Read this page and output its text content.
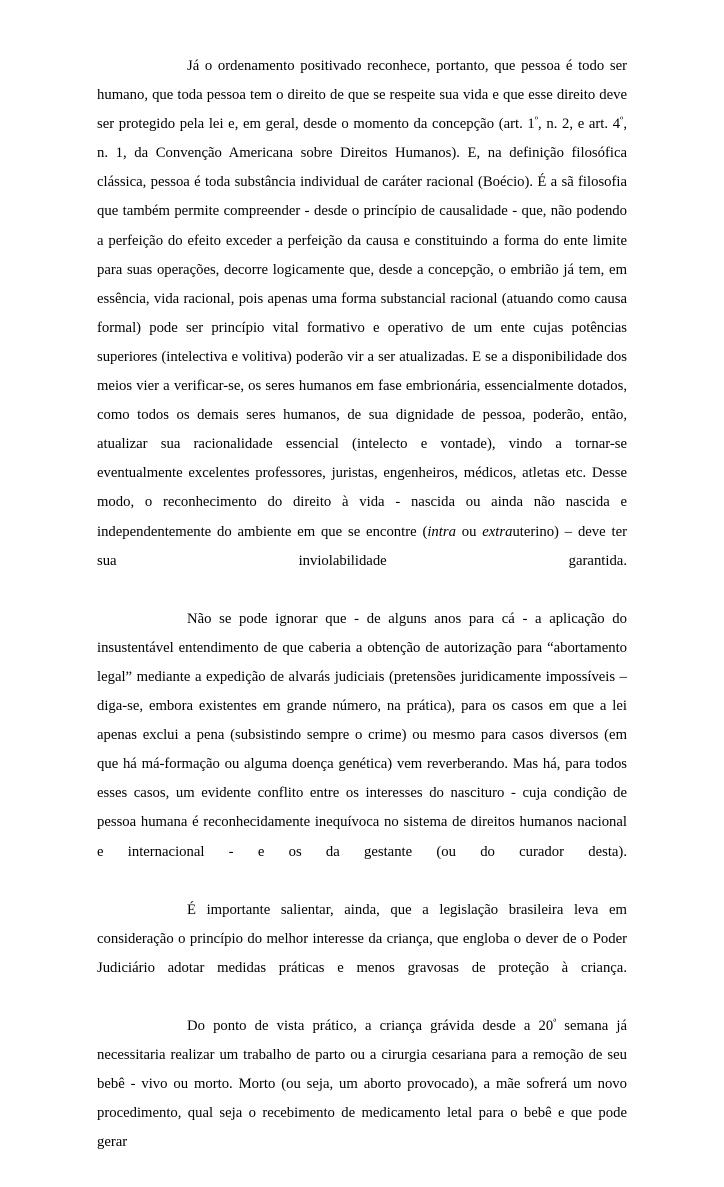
Já o ordenamento positivado reconhece, portanto, que pessoa é todo ser humano, que toda pessoa tem o direito de que se respeite sua vida e que esse direito deve ser protegido pela lei e, em geral, desde o momento da concepção (art. $1^º$, n. 2, e art. $4^º$, n. 1, da Convenção Americana sobre Direitos Humanos). E, na definição filosófica clássica, pessoa é toda substância individual de caráter racional (Boécio). É a sã filosofia que também permite compreender - desde o princípio de causalidade - que, não podendo a perfeição do efeito exceder a perfeição da causa e constituindo a forma do ente limite para suas operações, decorre logicamente que, desde a concepção, o embrião já tem, em essência, vida racional, pois apenas uma forma substancial racional (atuando como causa formal) pode ser princípio vital formativo e operativo de um ente cujas potências superiores (intelectiva e volitiva) poderão vir a ser atualizadas. E se a disponibilidade dos meios vier a verificar-se, os seres humanos em fase embrionária, essencialmente dotados, como todos os demais seres humanos, de sua dignidade de pessoa, poderão, então, atualizar sua racionalidade essencial (intelecto e vontade), vindo a tornar-se eventualmente excelentes professores, juristas, engenheiros, médicos, atletas etc. Desse modo, o reconhecimento do direito à vida - nascida ou ainda não nascida e independentemente do ambiente em que se encontre (intra ou extrauterino) – deve ter sua inviolabilidade garantida.

Não se pode ignorar que - de alguns anos para cá - a aplicação do insustentável entendimento de que caberia a obtenção de autorização para “abortamento legal” mediante a expedição de alvarás judiciais (pretensões juridicamente impossíveis – diga-se, embora existentes em grande número, na prática), para os casos em que a lei apenas exclui a pena (subsistindo sempre o crime) ou mesmo para casos diversos (em que há má-formação ou alguma doença genética) vem reverberando. Mas há, para todos esses casos, um evidente conflito entre os interesses do nascituro - cuja condição de pessoa humana é reconhecidamente inequívoca no sistema de direitos humanos nacional e internacional - e os da gestante (ou do curador desta).

É importante salientar, ainda, que a legislação brasileira leva em consideração o princípio do melhor interesse da criança, que engloba o dever de o Poder Judiciário adotar medidas práticas e menos gravosas de proteção à criança.

Do ponto de vista prático, a criança grávida desde a $20^ª$ semana já necessitaria realizar um trabalho de parto ou a cirurgia cesariana para a remoção de seu bebê - vivo ou morto. Morto (ou seja, um aborto provocado), a mãe sofrerá um novo procedimento, qual seja o recebimento de medicamento letal para o bebê e que pode gerar
